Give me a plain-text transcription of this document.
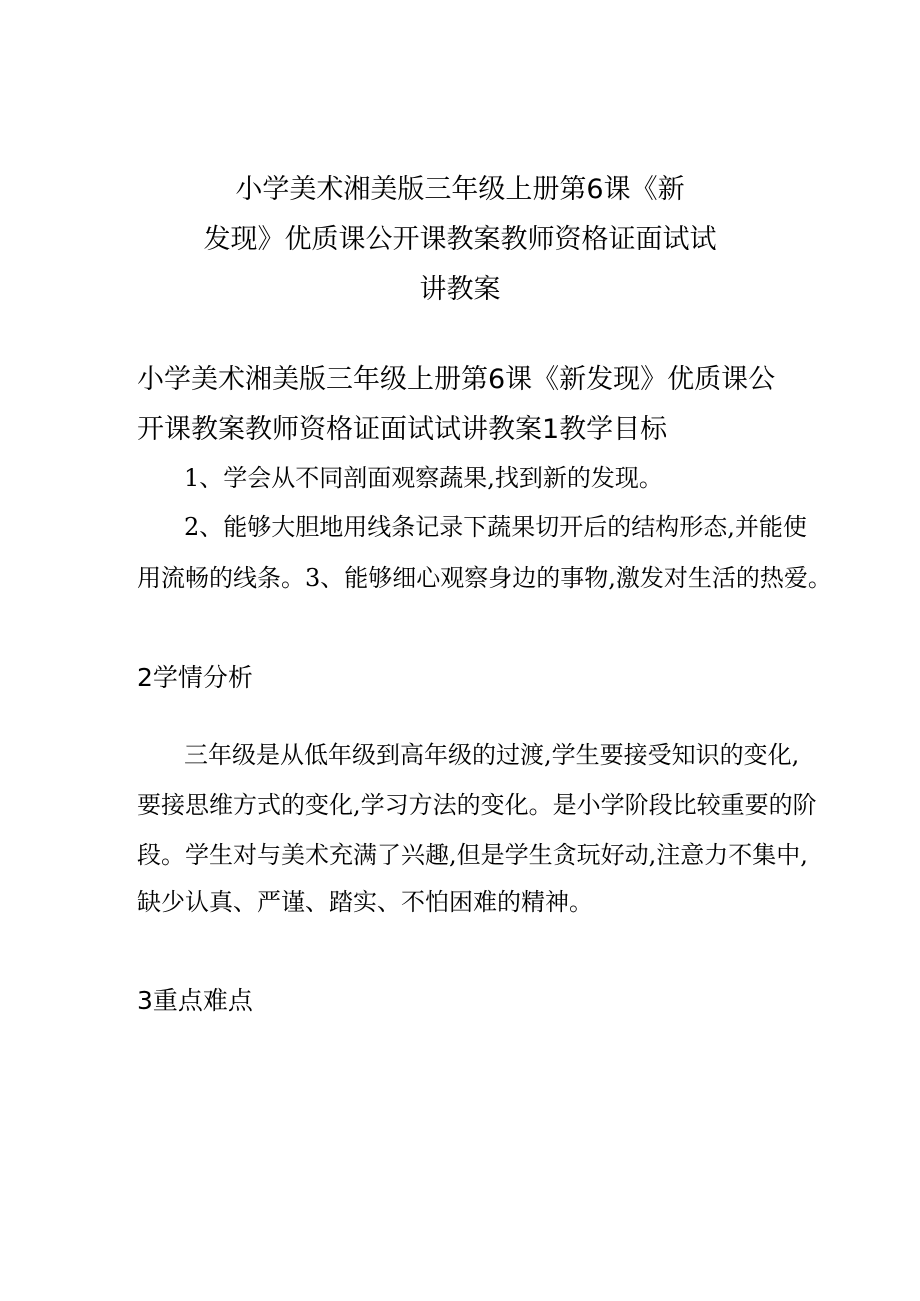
小学美术湘美版三年级上册第6课《新
发现》优质课公开课教案教师资格证面试试
讲教案
小学美术湘美版三年级上册第6课《新发现》优质课公
开课教案教师资格证面试试讲教案1教学目标
1、学会从不同剖面观察蔬果,找到新的发现。
2、能够大胆地用线条记录下蔬果切开后的结构形态,并能使
用流畅的线条。3、能够细心观察身边的事物,激发对生活的热爱。
2学情分析
三年级是从低年级到高年级的过渡,学生要接受知识的变化,
要接思维方式的变化,学习方法的变化。是小学阶段比较重要的阶
段。学生对与美术充满了兴趣,但是学生贪玩好动,注意力不集中,
缺少认真、严谨、踏实、不怕困难的精神。
3重点难点
